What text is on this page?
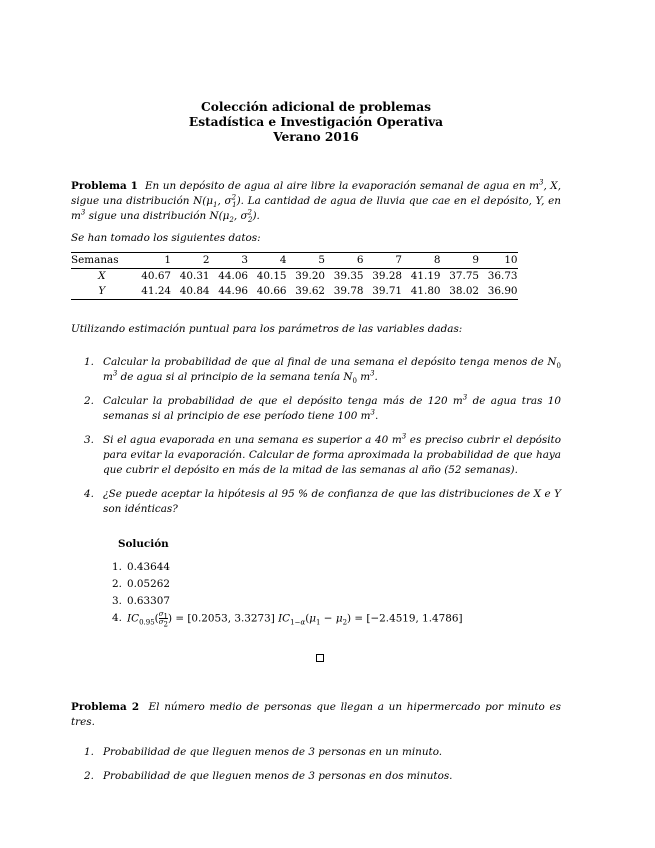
Colección adicional de problemas
Estadística e Investigación Operativa
Verano 2016

Problema 1 En un depósito de agua al aire libre la evaporación semanal de agua en $m^3$, X, sigue una distribución $N(\mu_1$, $\sigma^2_1$). La cantidad de agua de lluvia que cae en el depósito, Y, en $m^3$ sigue una distribución $N(\mu_2$, $\sigma^2_2$).

Se han tomado los siguientes datos:

Semanas	1	2	3	4	5	6	7	8	9	10
X	40.67	40.31	44.06	40.15	39.20	39.35	39.28	41.19	37.75	36.73
Y	41.24	40.84	44.96	40.66	39.62	39.78	39.71	41.80	38.02	36.90

Utilizando estimación puntual para los parámetros de las variables dadas:

1. Calcular la probabilidad de que al final de una semana el depósito tenga menos de $N_0$ $m^3$ de agua si al principio de la semana tenía $N_0$ $m^3$.
2. Calcular la probabilidad de que el depósito tenga más de 120 $m^3$ de agua tras 10 semanas si al principio de ese período tiene 100 $m^3$.
3. Si el agua evaporada en una semana es superior a 40 $m^3$ es preciso cubrir el depósito para evitar la evaporación. Calcular de forma aproximada la probabilidad de que haya que cubrir el depósito en más de la mitad de las semanas al año (52 semanas).
4. ¿Se puede aceptar la hipótesis al 95 % de confianza de que las distribuciones de X e Y son idénticas?

Solución

1. 0.43644
2. 0.05262
3. 0.63307
4. $IC_{0.95}( \frac{\sigma_1}{\sigma_2}$ ) = [0.2053, 3.3273] $IC_{1-\alpha}(\mu_1 - \mu_2) = [-2.4519$, 1.4786]

Problema 2 El número medio de personas que llegan a un hipermercado por minuto es tres.

1. Probabilidad de que lleguen menos de 3 personas en un minuto.
2. Probabilidad de que lleguen menos de 3 personas en dos minutos.
